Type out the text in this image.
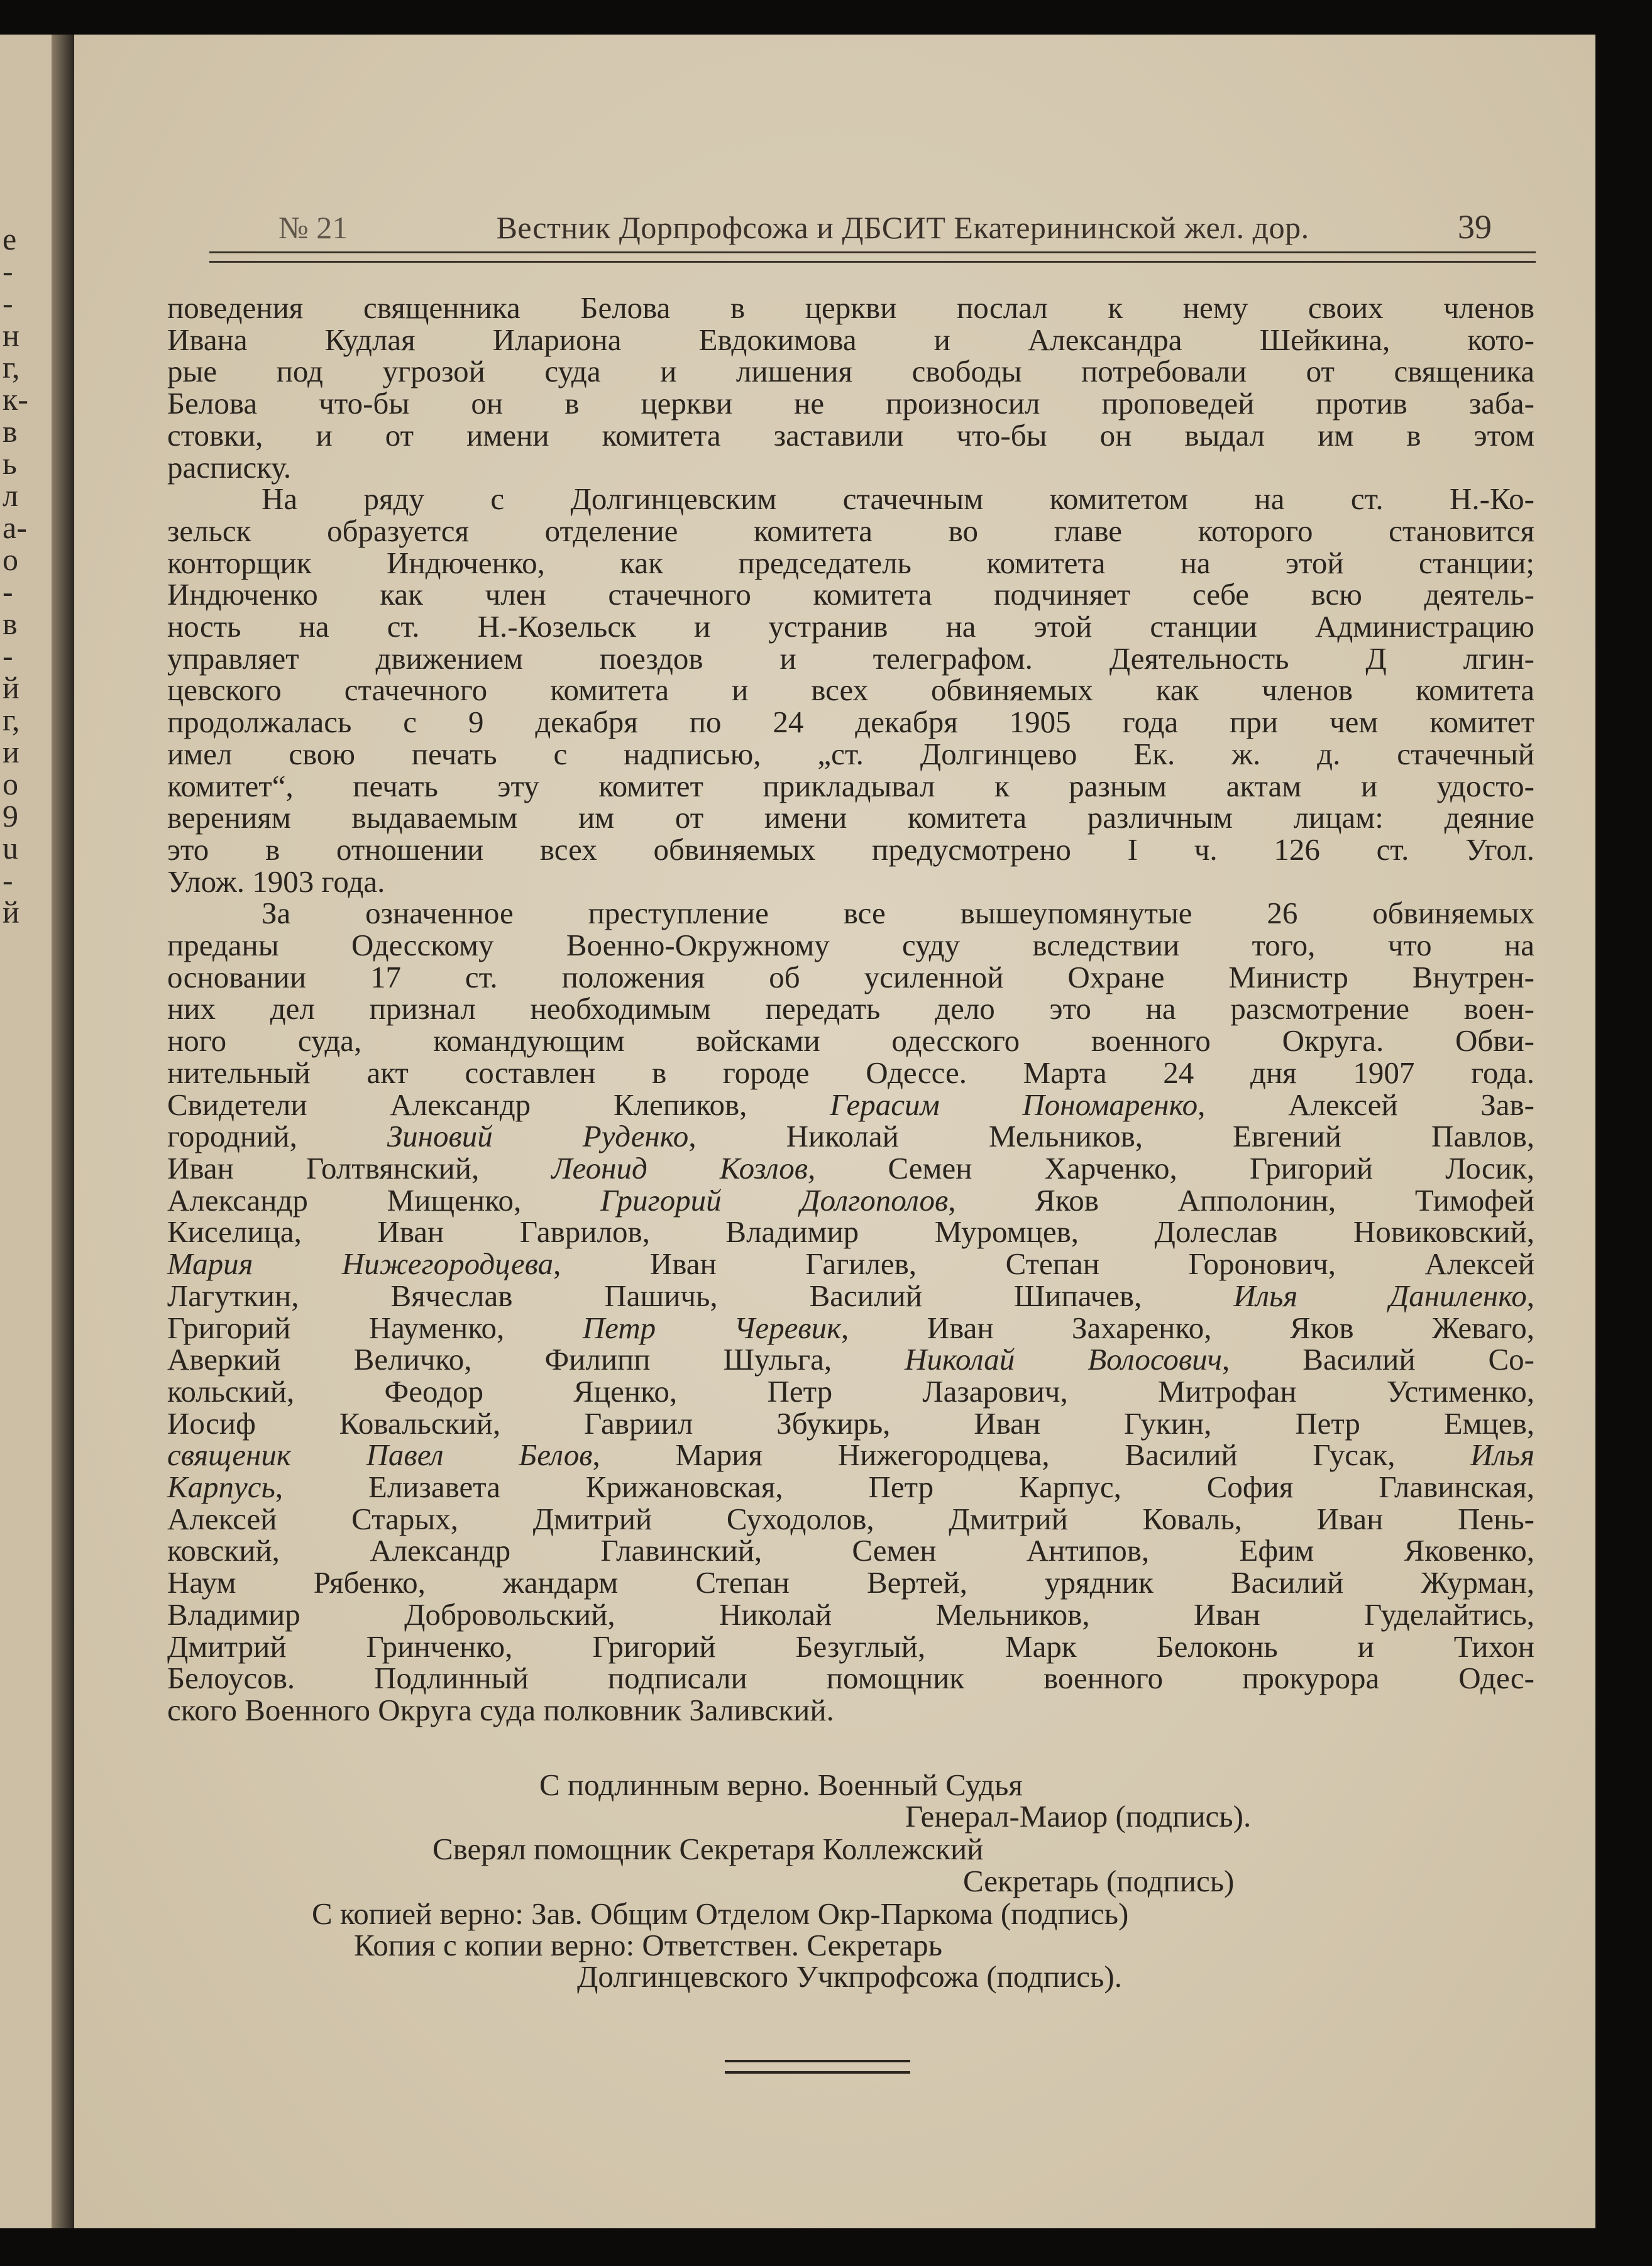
e
-
-
н
г,
к-
в
ь
л
а-
о
-
в
-
й
г,
и
о
9
u
-
й
№ 21	Вестник Дорпрофсожа и ДБСИТ Екатерининской жел. дор.	39

поведения священника Белова в церкви послал к нему своих членов

Ивана Кудлая Илариона Евдокимова и Александра Шейкина, кото-

рые под угрозой суда и лишения свободы потребовали от священика

Белова что-бы он в церкви не произносил проповедей против заба-

стовки, и от имени комитета заставили что-бы он выдал им в этом

расписку.

На ряду с Долгинцевским стачечным комитетом на ст. Н.-Ко-

зельск образуется отделение комитета во главе которого становится

конторщик Индюченко, как председатель комитета на этой станции;

Индюченко как член стачечного комитета подчиняет себе всю деятель-

ность на ст. Н.-Козельск и устранив на этой станции Администрацию

управляет движением поездов и телеграфом. Деятельность Д лгин-

цевского стачечного комитета и всех обвиняемых как членов комитета

продолжалась с 9 декабря по 24 декабря 1905 года при чем комитет

имел свою печать с надписью, „ст. Долгинцево Ек. ж. д. стачечный

комитет“, печать эту комитет прикладывал к разным актам и удосто-

верениям выдаваемым им от имени комитета различным лицам: деяние

это в отношении всех обвиняемых предусмотрено I ч. 126 ст. Угол.

Улож. 1903 года.

За означенное преступление все вышеупомянутые 26 обвиняемых

преданы Одесскому Военно-Окружному суду вследствии того, что на

основании 17 ст. положения об усиленной Охране Министр Внутрен-

них дел признал необходимым передать дело это на разсмотрение воен-

ного суда, командующим войсками одесского военного Округа. Обви-

нительный акт составлен в городе Одессе. Марта 24 дня 1907 года.

Свидетели Александр Клепиков, Герасим Пономаренко, Алексей Зав-

городний, Зиновий Руденко, Николай Мельников, Евгений Павлов,

Иван Голтвянский, Леонид Козлов, Семен Харченко, Григорий Лосик,

Александр Мищенко, Григорий Долгополов, Яков Апполонин, Тимофей

Киселица, Иван Гаврилов, Владимир Муромцев, Долеслав Новиковский,

Мария Нижегородцева, Иван Гагилев, Степан Горонович, Алексей

Лагуткин, Вячеслав Пашичь, Василий Шипачев, Илья Даниленко,

Григорий Науменко, Петр Черевик, Иван Захаренко, Яков Жеваго,

Аверкий Величко, Филипп Шульга, Николай Волосович, Василий Со-

кольский, Феодор Яценко, Петр Лазарович, Митрофан Устименко,

Иосиф Ковальский, Гавриил Збукирь, Иван Гукин, Петр Емцев,

священик Павел Белов, Мария Нижегородцева, Василий Гусак, Илья

Карпусь, Елизавета Крижановская, Петр Карпус, София Главинская,

Алексей Старых, Дмитрий Суходолов, Дмитрий Коваль, Иван Пень-

ковский, Александр Главинский, Семен Антипов, Ефим Яковенко,

Наум Рябенко, жандарм Степан Вертей, урядник Василий Журман,

Владимир Добровольский, Николай Мельников, Иван Гуделайтись,

Дмитрий Гринченко, Григорий Безуглый, Марк Белоконь и Тихон

Белоусов. Подлинный подписали помощник военного прокурора Одес-

ского Военного Округа суда полковник Заливский.

С подлинным верно. Военный Судья
Генерал-Маиор (подпись).
Сверял помощник Секретаря Коллежский
Секретарь (подпись)
С копией верно: Зав. Общим Отделом Окр-Паркома (подпись)
Копия с копии верно: Ответствен. Секретарь
Долгинцевского Учкпрофсожа (подпись).
